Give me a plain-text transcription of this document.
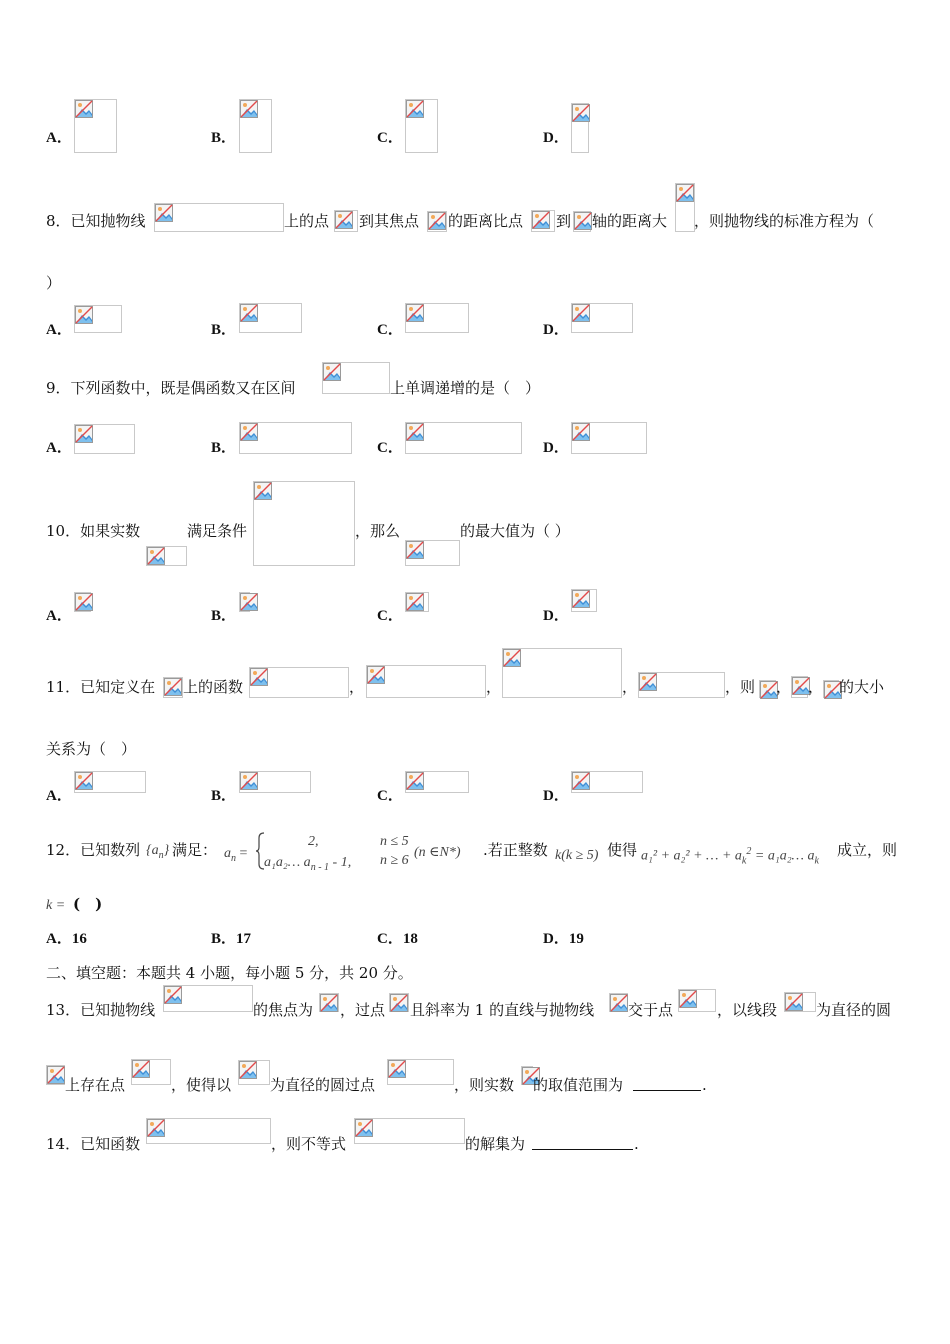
A．	B．	C．	D．
8．已知抛物线	上的点 到其焦点 的距离比点 到 轴的距离大 ，则抛物线的标准方程为（
）
A．	B．	C．	D．
9．下列函数中，既是偶函数又在区间	上单调递增的是（　）
A．	B．	C．	D．
10．如果实数	满足条件	，那么	的最大值为（ ）
A．	B．	C．	D．
11．已知定义在 上的函数	，	，	，	，则 ， ， 的大小
关系为（　）
A．	B．	C．	D．
12．已知数列 $\{a_n\}$ 满足： $a_n$ =
2,
a₁a₂… $a_{n - 1} - 1$,
n ≤ 5
n ≥ 6
(n ∈N*) .若正整数 k(k ≥ 5) 使得 a₁² + a₂² + … + $a_k^2$ = a₁a₂… $a_k$
成立，则
k = (　)
A．16	B．17	C．18	D．19
二、填空题：本题共 4 小题，每小题 5 分，共 20 分。
13．已知抛物线	的焦点为 ，过点 且斜率为 1 的直线与抛物线 交于点	，以线段	为直径的圆
上存在点	，使得以	为直径的圆过点	，则实数 的取值范围为	.
14．已知函数	，则不等式	的解集为	.
